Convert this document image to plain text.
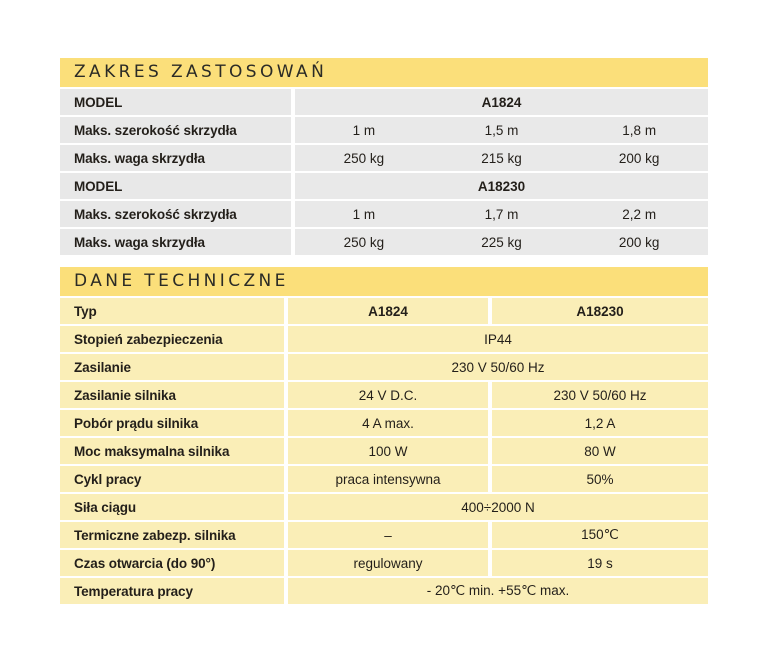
ZAKRES ZASTOSOWAŃ
MODEL	A1824
Maks. szerokość skrzydła	1 m	1,5 m	1,8 m
Maks. waga skrzydła	250 kg	215 kg	200 kg
MODEL	A18230
Maks. szerokość skrzydła	1 m	1,7 m	2,2 m
Maks. waga skrzydła	250 kg	225 kg	200 kg
DANE TECHNICZNE
Typ	A1824	A18230
Stopień zabezpieczenia	IP44
Zasilanie	230 V 50/60 Hz
Zasilanie silnika	24 V D.C.	230 V 50/60 Hz
Pobór prądu silnika	4 A max.	1,2 A
Moc maksymalna silnika	100 W	80 W
Cykl pracy	praca intensywna	50%
Siła ciągu	400÷2000 N
Termiczne zabezp. silnika	–	150℃
Czas otwarcia (do 90°)	regulowany	19 s
Temperatura pracy	- 20℃ min. +55℃ max.
